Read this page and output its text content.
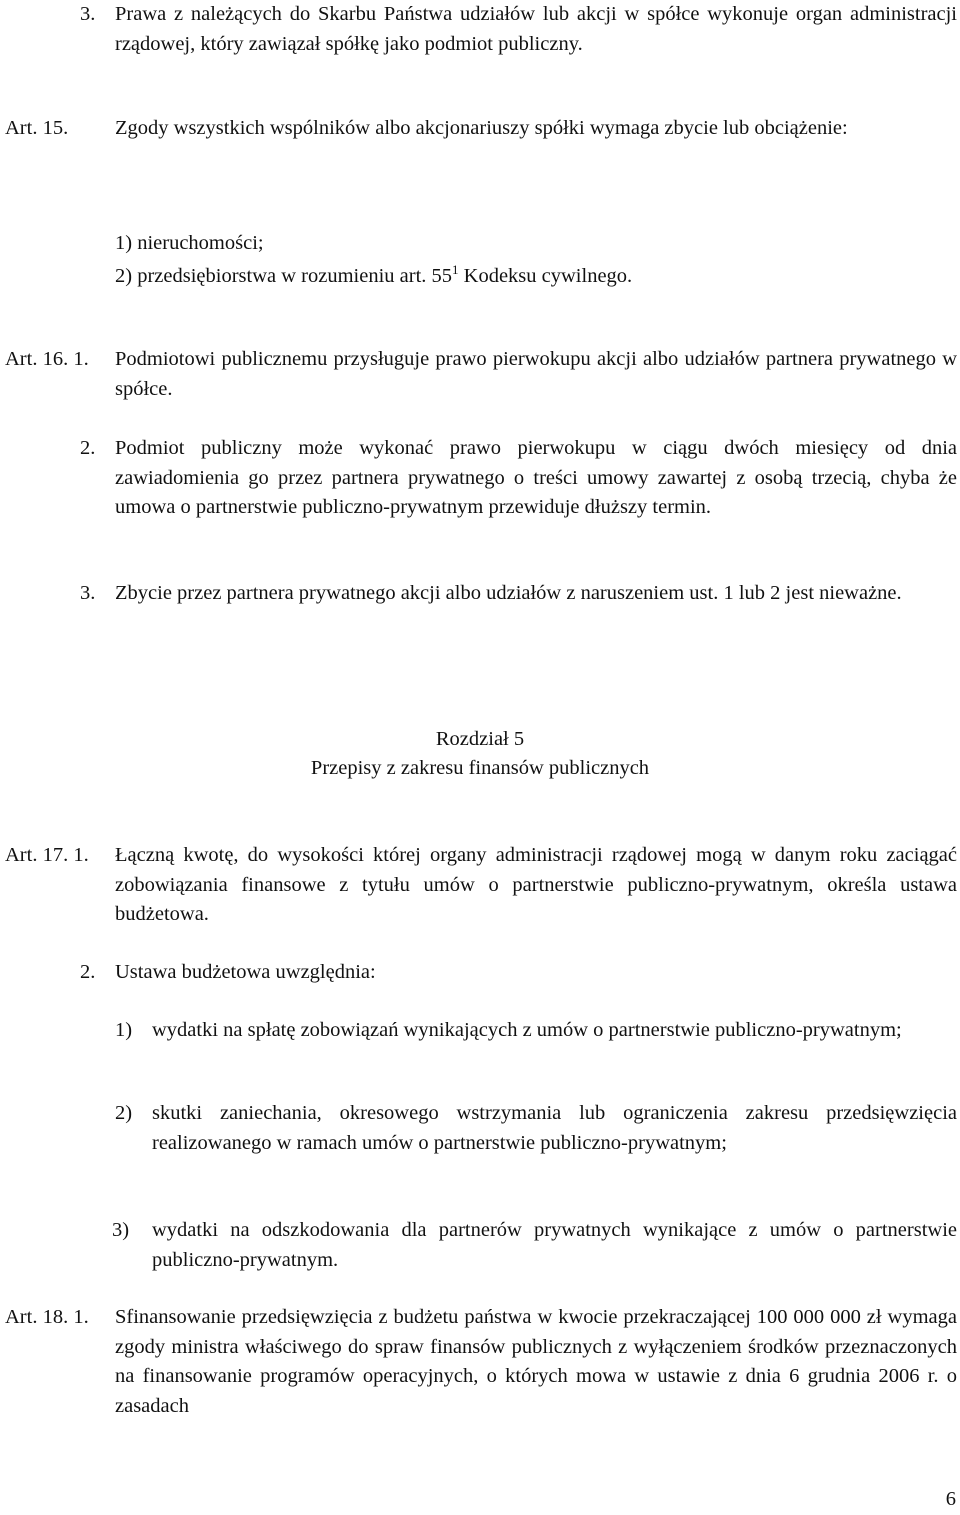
3. Prawa z należących do Skarbu Państwa udziałów lub akcji w spółce wykonuje organ administracji rządowej, który zawiązał spółkę jako podmiot publiczny.

Art. 15. Zgody wszystkich wspólników albo akcjonariuszy spółki wymaga zbycie lub obciążenie:

1) nieruchomości;
2) przedsiębiorstwa w rozumieniu art. $55^1$ Kodeksu cywilnego.
Art. 16. 1. Podmiotowi publicznemu przysługuje prawo pierwokupu akcji albo udziałów partnera prywatnego w spółce.

2. Podmiot publiczny może wykonać prawo pierwokupu w ciągu dwóch miesięcy od dnia zawiadomienia go przez partnera prywatnego o treści umowy zawartej z osobą trzecią, chyba że umowa o partnerstwie publiczno-prywatnym przewiduje dłuższy termin.

3. Zbycie przez partnera prywatnego akcji albo udziałów z naruszeniem ust. 1 lub 2 jest nieważne.

Rozdział 5
Przepisy z zakresu finansów publicznych
Art. 17. 1. Łączną kwotę, do wysokości której organy administracji rządowej mogą w danym roku zaciągać zobowiązania finansowe z tytułu umów o partnerstwie publiczno-prywatnym, określa ustawa budżetowa.

2. Ustawa budżetowa uwzględnia:

1) wydatki na spłatę zobowiązań wynikających z umów o partnerstwie publiczno-prywatnym;

2) skutki zaniechania, okresowego wstrzymania lub ograniczenia zakresu przedsięwzięcia realizowanego w ramach umów o partnerstwie publiczno-prywatnym;

3) wydatki na odszkodowania dla partnerów prywatnych wynikające z umów o partnerstwie publiczno-prywatnym.

Art. 18. 1. Sfinansowanie przedsięwzięcia z budżetu państwa w kwocie przekraczającej 100 000 000 zł wymaga zgody ministra właściwego do spraw finansów publicznych z wyłączeniem środków przeznaczonych na finansowanie programów operacyjnych, o których mowa w ustawie z dnia 6 grudnia 2006 r. o zasadach

6
